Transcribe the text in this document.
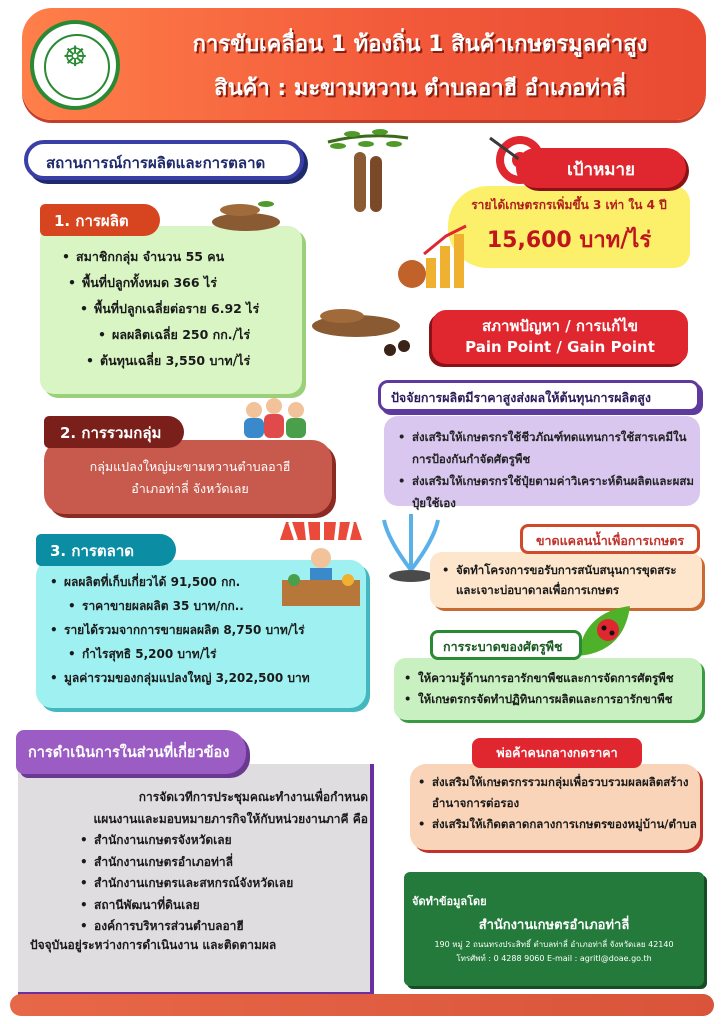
☸	การขับเคลื่อน 1 ท้องถิ่น 1 สินค้าเกษตรมูลค่าสูง
สินค้า : มะขามหวาน ตำบลอาฮี อำเภอท่าลี่
สถานการณ์การผลิตและการตลาด
1. การผลิต
• สมาชิกกลุ่ม จำนวน 55 คน
• พื้นที่ปลูกทั้งหมด 366 ไร่
• พื้นที่ปลูกเฉลี่ยต่อราย 6.92 ไร่
• ผลผลิตเฉลี่ย 250 กก./ไร่
• ต้นทุนเฉลี่ย 3,550 บาท/ไร่
2. การรวมกลุ่ม
กลุ่มแปลงใหญ่มะขามหวานตำบลอาฮี
อำเภอท่าลี่ จังหวัดเลย
3. การตลาด
• ผลผลิตที่เก็บเกี่ยวได้ 91,500 กก.
• ราคาขายผลผลิต 35 บาท/กก..
• รายได้รวมจากการขายผลผลิต 8,750 บาท/ไร่
• กำไรสุทธิ 5,200 บาท/ไร่
• มูลค่ารวมของกลุ่มแปลงใหญ่ 3,202,500 บาท
การดำเนินการในส่วนที่เกี่ยวข้อง
การจัดเวทีการประชุมคณะทำงานเพื่อกำหนด
แผนงานและมอบหมายภารกิจให้กับหน่วยงานภาคี คือ
• สำนักงานเกษตรจังหวัดเลย
• สำนักงานเกษตรอำเภอท่าลี่
• สำนักงานเกษตรและสหกรณ์จังหวัดเลย
• สถานีพัฒนาที่ดินเลย
• องค์การบริหารส่วนตำบลอาฮี
ปัจจุบันอยู่ระหว่างการดำเนินงาน และติดตามผล
เป้าหมาย
รายได้เกษตรกรเพิ่มขึ้น 3 เท่า ใน 4 ปี
15,600 บาท/ไร่
สภาพปัญหา / การแก้ไข
Pain Point / Gain Point
ปัจจัยการผลิตมีราคาสูงส่งผลให้ต้นทุนการผลิตสูง
• ส่งเสริมให้เกษตรกรใช้ชีวภัณฑ์ทดแทนการใช้สารเคมีในการป้องกันกำจัดศัตรูพืช
• ส่งเสริมให้เกษตรกรใช้ปุ๋ยตามค่าวิเคราะห์ดินผลิตและผสมปุ๋ยใช้เอง
ขาดแคลนน้ำเพื่อการเกษตร
• จัดทำโครงการขอรับการสนับสนุนการขุดสระและเจาะบ่อบาดาลเพื่อการเกษตร
การระบาดของศัตรูพืช
• ให้ความรู้ด้านการอารักขาพืชและการจัดการศัตรูพืช
• ให้เกษตรกรจัดทำปฏิทินการผลิตและการอารักขาพืช
พ่อค้าคนกลางกดราคา
• ส่งเสริมให้เกษตรกรรวมกลุ่มเพื่อรวบรวมผลผลิตสร้างอำนาจการต่อรอง
• ส่งเสริมให้เกิดตลาดกลางการเกษตรของหมู่บ้าน/ตำบล
จัดทำข้อมูลโดย
สำนักงานเกษตรอำเภอท่าลี่
190 หมู่ 2 ถนนทรงประสิทธิ์ ตำบลท่าลี่ อำเภอท่าลี่ จังหวัดเลย 42140
โทรศัพท์ : 0 4288 9060 E-mail : agritl@doae.go.th
